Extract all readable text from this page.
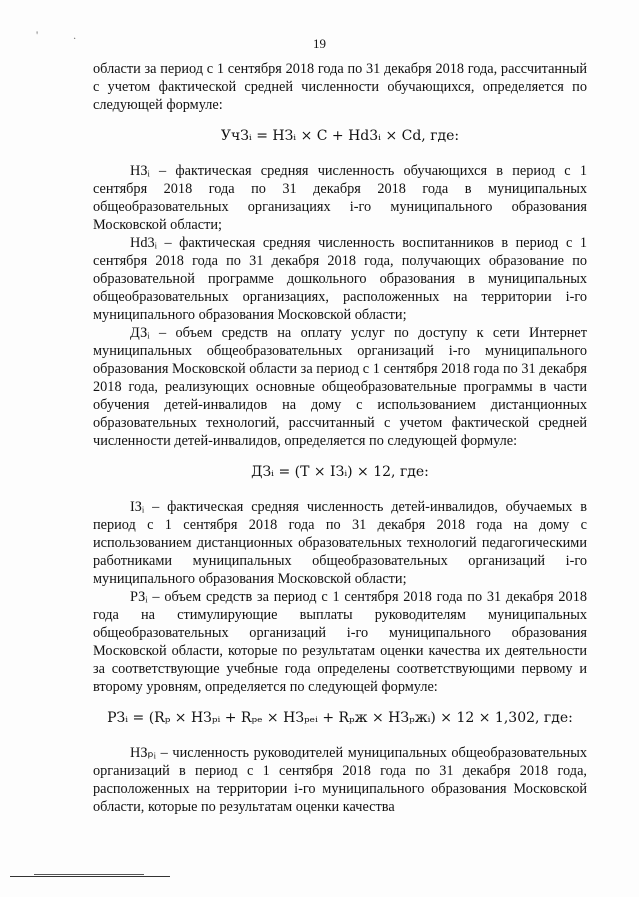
' .
19

области за период с 1 сентября 2018 года по 31 декабря 2018 года, рассчитанный с учетом фактической средней численности обучающихся, определяется по следующей формуле:

УчЗᵢ = НЗᵢ × C + Hd3ᵢ × Cd, где:

НЗᵢ – фактическая средняя численность обучающихся в период с 1 сентября 2018 года по 31 декабря 2018 года в муниципальных общеобразовательных организациях i-го муниципального образования Московской области;

Hd3ᵢ – фактическая средняя численность воспитанников в период с 1 сентября 2018 года по 31 декабря 2018 года, получающих образование по образовательной программе дошкольного образования в муниципальных общеобразовательных организациях, расположенных на территории i-го муниципального образования Московской области;

ДЗᵢ – объем средств на оплату услуг по доступу к сети Интернет муниципальных общеобразовательных организаций i-го муниципального образования Московской области за период с 1 сентября 2018 года по 31 декабря 2018 года, реализующих основные общеобразовательные программы в части обучения детей-инвалидов на дому с использованием дистанционных образовательных технологий, рассчитанный с учетом фактической средней численности детей-инвалидов, определяется по следующей формуле:

ДЗᵢ = (T × IЗᵢ) × 12, где:

IЗᵢ – фактическая средняя численность детей-инвалидов, обучаемых в период с 1 сентября 2018 года по 31 декабря 2018 года на дому с использованием дистанционных образовательных технологий педагогическими работниками муниципальных общеобразовательных организаций i-го муниципального образования Московской области;

РЗᵢ – объем средств за период с 1 сентября 2018 года по 31 декабря 2018 года на стимулирующие выплаты руководителям муниципальных общеобразовательных организаций i-го муниципального образования Московской области, которые по результатам оценки качества их деятельности за соответствующие учебные года определены соответствующими первому и второму уровням, определяется по следующей формуле:

РЗᵢ = (Rₚ × НЗₚᵢ + Rₚₑ × НЗₚₑᵢ + Rₚж × НЗₚжᵢ) × 12 × 1,302, где:

НЗₚᵢ – численность руководителей муниципальных общеобразовательных организаций в период с 1 сентября 2018 года по 31 декабря 2018 года, расположенных на территории i-го муниципального образования Московской области, которые по результатам оценки качества
